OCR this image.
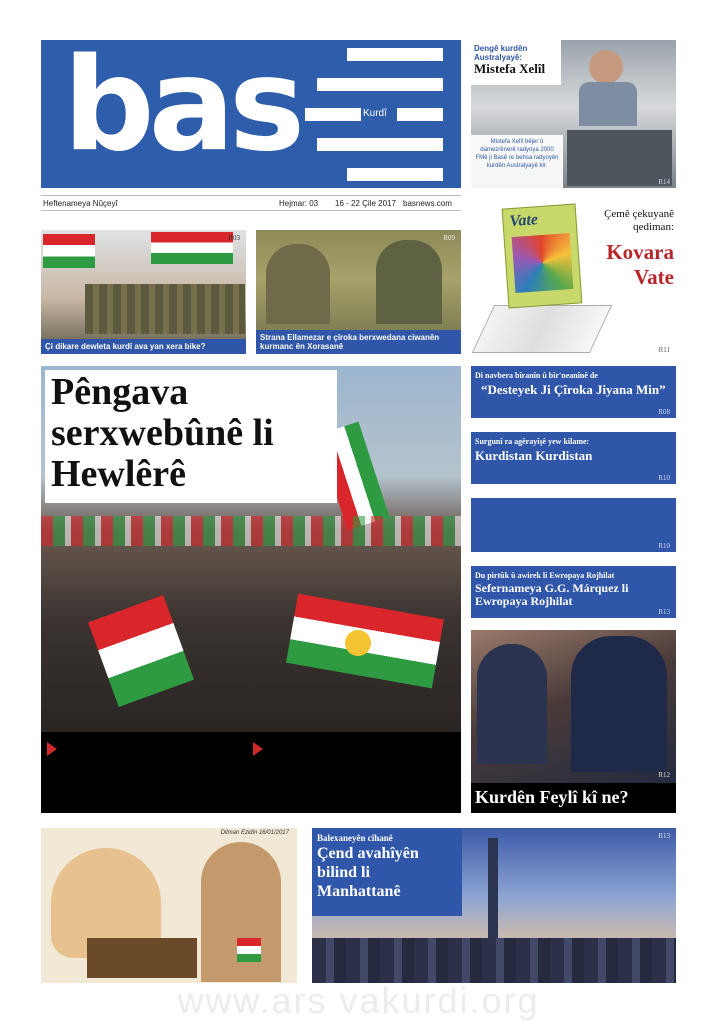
bas	Kurdî
Heftenameya Nûçeyî	Hejmar: 03 16 - 22 Çile 2017 basnews.com
Dengê kurdên Australyayê:
Mistefa Xelîl
Mistefa Xelîl bêjer û damezrênerê radyoya 2000 FMê ji Basê re behsa radyoyên kurdên Australyayê kir.
R14
Çi dikare dewleta kurdî ava yan xera bike?
R03
Strana Ellamezar e çîroka berxwedana ciwanên kurmanc ên Xorasanê
R09
Vate	Çemê çekuyanê qediman:
Kovara Vate
R11
Pêngava serxwebûnê li Hewlêrê
Di navbera bîranîn û bîr'neanînê de
“Desteyek Ji Çîroka Jiyana Min”
R08
Surgunî ra agêrayîşê yew kilame:
Kurdistan Kurdistan
R10
R10
Du pirtûk û awirek li Ewropaya Rojhilat
Sefernameya G.G. Márquez li Ewropaya Rojhilat
R13
R12
Kurdên Feylî kî ne?
Dilman Ezidin 16/01/2017	Balexaneyên cîhanê
Çend avahîyên bilind li Manhattanê
R13
www.ars vakurdi.org
